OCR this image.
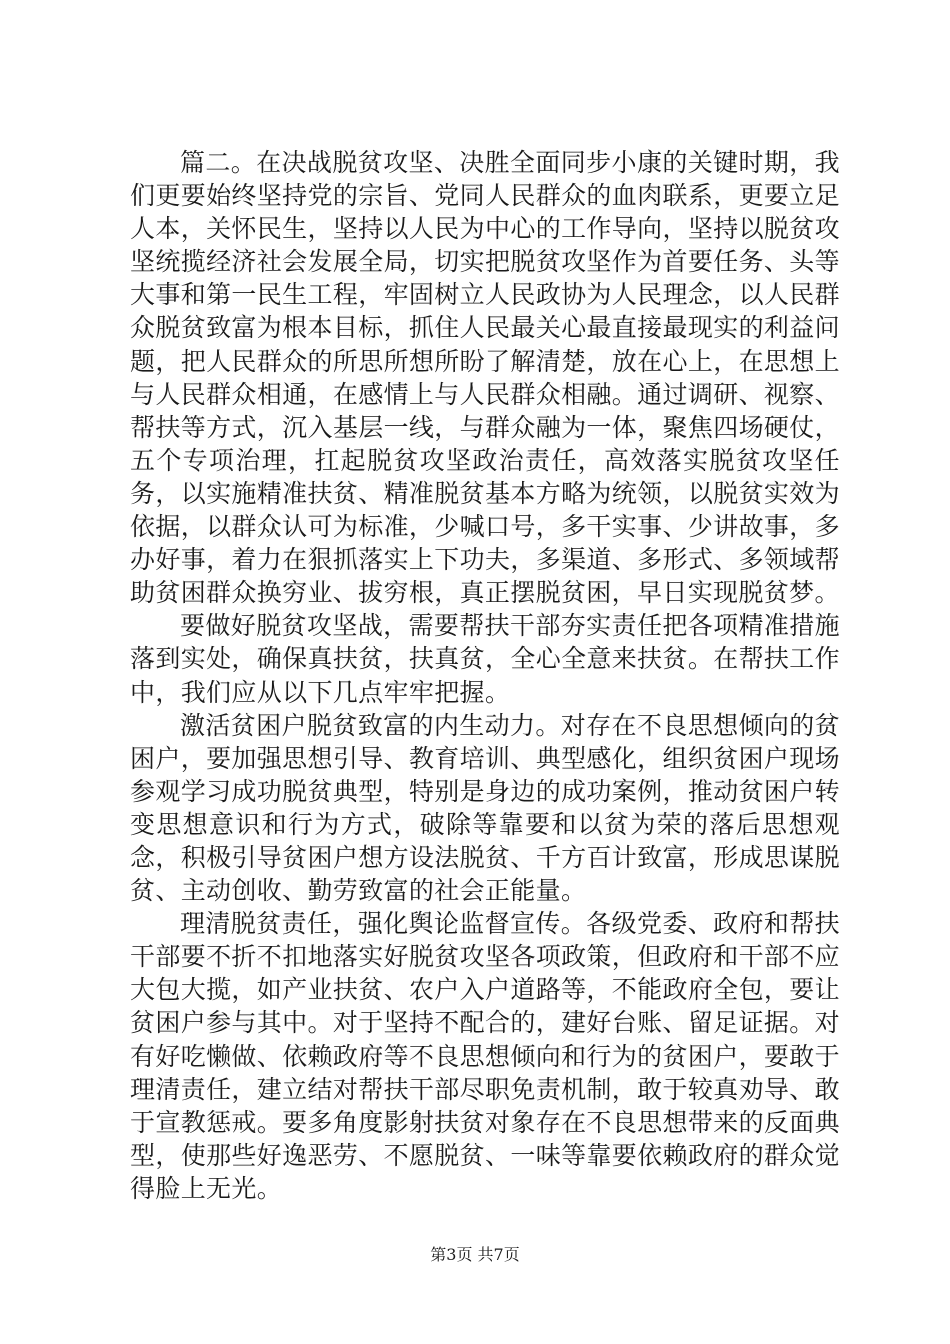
篇二。在决战脱贫攻坚、决胜全面同步小康的关键时期，我们更要始终坚持党的宗旨、党同人民群众的血肉联系，更要立足人本，关怀民生，坚持以人民为中心的工作导向，坚持以脱贫攻坚统揽经济社会发展全局，切实把脱贫攻坚作为首要任务、头等大事和第一民生工程，牢固树立人民政协为人民理念，以人民群众脱贫致富为根本目标，抓住人民最关心最直接最现实的利益问题，把人民群众的所思所想所盼了解清楚，放在心上，在思想上与人民群众相通，在感情上与人民群众相融。通过调研、视察、帮扶等方式，沉入基层一线，与群众融为一体，聚焦四场硬仗，五个专项治理，扛起脱贫攻坚政治责任，高效落实脱贫攻坚任务，以实施精准扶贫、精准脱贫基本方略为统领，以脱贫实效为依据，以群众认可为标准，少喊口号，多干实事、少讲故事，多办好事，着力在狠抓落实上下功夫，多渠道、多形式、多领域帮助贫困群众换穷业、拔穷根，真正摆脱贫困，早日实现脱贫梦。

要做好脱贫攻坚战，需要帮扶干部夯实责任把各项精准措施落到实处，确保真扶贫，扶真贫，全心全意来扶贫。在帮扶工作中，我们应从以下几点牢牢把握。

激活贫困户脱贫致富的内生动力。对存在不良思想倾向的贫困户，要加强思想引导、教育培训、典型感化，组织贫困户现场参观学习成功脱贫典型，特别是身边的成功案例，推动贫困户转变思想意识和行为方式，破除等靠要和以贫为荣的落后思想观念，积极引导贫困户想方设法脱贫、千方百计致富，形成思谋脱贫、主动创收、勤劳致富的社会正能量。

理清脱贫责任，强化舆论监督宣传。各级党委、政府和帮扶干部要不折不扣地落实好脱贫攻坚各项政策，但政府和干部不应大包大揽，如产业扶贫、农户入户道路等，不能政府全包，要让贫困户参与其中。对于坚持不配合的，建好台账、留足证据。对有好吃懒做、依赖政府等不良思想倾向和行为的贫困户，要敢于理清责任，建立结对帮扶干部尽职免责机制，敢于较真劝导、敢于宣教惩戒。要多角度影射扶贫对象存在不良思想带来的反面典型，使那些好逸恶劳、不愿脱贫、一味等靠要依赖政府的群众觉得脸上无光。

第3页 共7页
